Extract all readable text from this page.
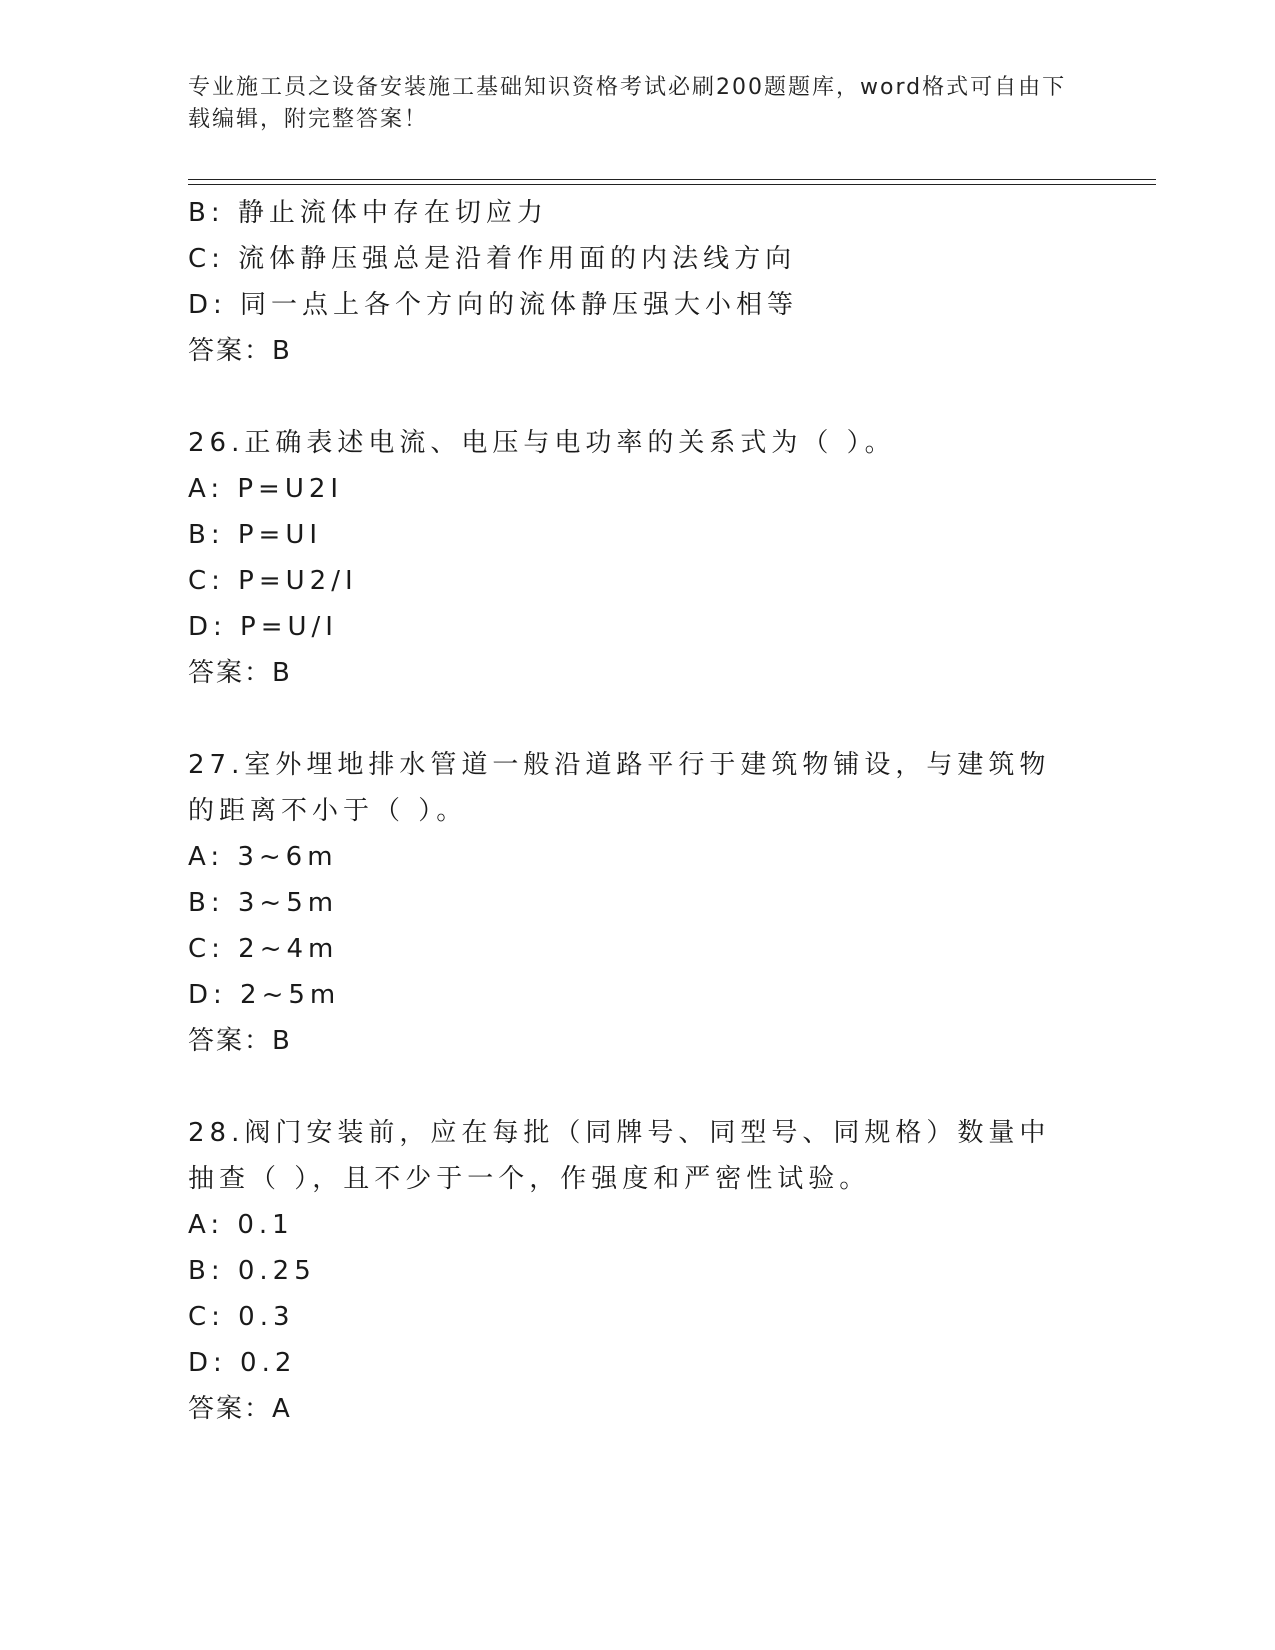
专业施工员之设备安装施工基础知识资格考试必刷200题题库，word格式可自由下载编辑，附完整答案！
B: 静止流体中存在切应力
C: 流体静压强总是沿着作用面的内法线方向
D: 同一点上各个方向的流体静压强大小相等
答案：B
26.正确表述电流、电压与电功率的关系式为（ ）。
A: P=U2I
B: P=UI
C: P=U2/I
D: P=U/I
答案：B
27.室外埋地排水管道一般沿道路平行于建筑物铺设，与建筑物的距离不小于（ ）。
A: 3~6m
B: 3~5m
C: 2~4m
D: 2~5m
答案：B
28.阀门安装前，应在每批（同牌号、同型号、同规格）数量中抽查（ ），且不少于一个，作强度和严密性试验。
A: 0.1
B: 0.25
C: 0.3
D: 0.2
答案：A
